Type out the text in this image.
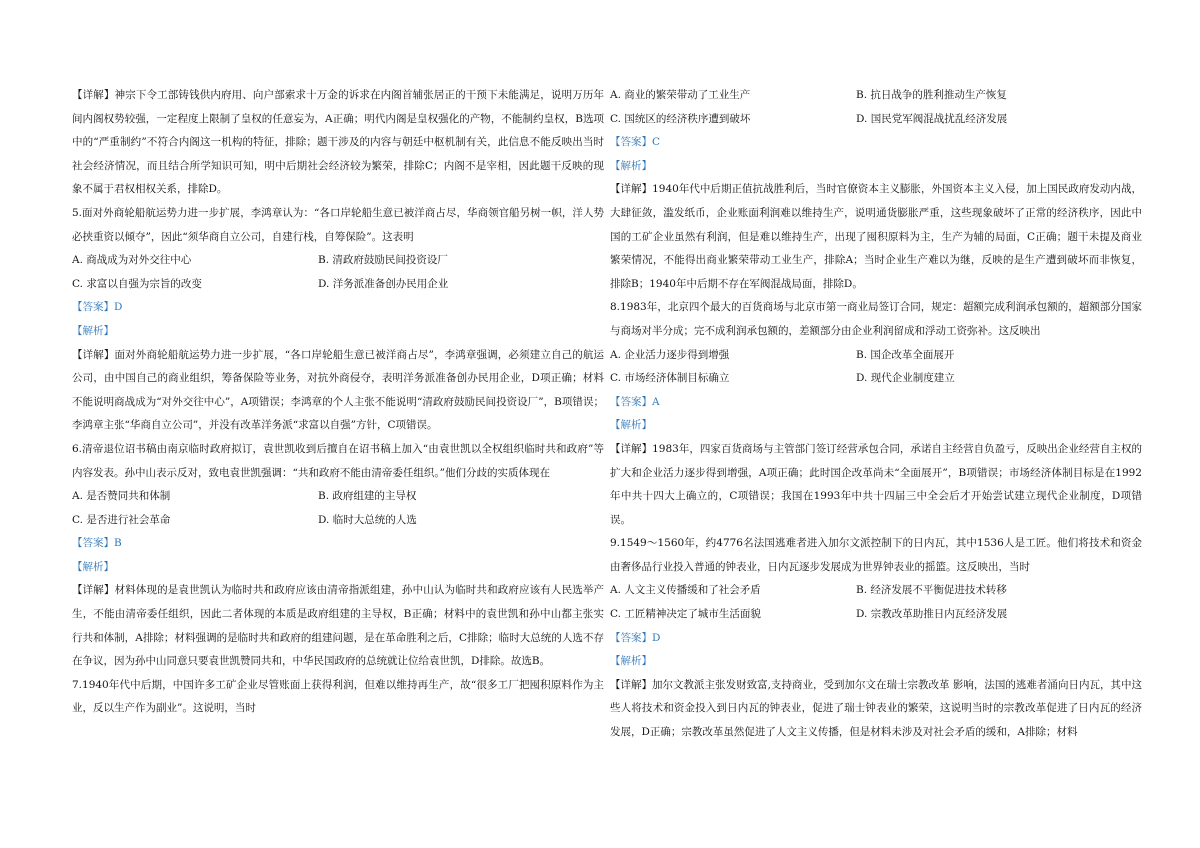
【详解】神宗下令工部铸钱供内府用、向户部索求十万金的诉求在内阁首辅张居正的干预下未能满足，说明万历年间内阁权势较强，一定程度上限制了皇权的任意妄为，A正确；明代内阁是皇权强化的产物，不能制约皇权，B选项中的“严重制约”不符合内阁这一机构的特征，排除；题干涉及的内容与朝廷中枢机制有关，此信息不能反映出当时社会经济情况，而且结合所学知识可知，明中后期社会经济较为繁荣，排除C；内阁不是宰相，因此题干反映的现象不属于君权相权关系，排除D。

5.面对外商轮船航运势力进一步扩展，李鸿章认为：“各口岸轮船生意已被洋商占尽，华商领官船另树一帜，洋人势必挟重资以倾夺”，因此“须华商自立公司，自建行栈，自筹保险”。这表明

A. 商战成为对外交往中心	B. 清政府鼓励民间投资设厂
C. 求富以自强为宗旨的改变	D. 洋务派准备创办民用企业

【答案】D

【解析】

【详解】面对外商轮船航运势力进一步扩展，“各口岸轮船生意已被洋商占尽”，李鸿章强调，必须建立自己的航运公司，由中国自己的商业组织，筹备保险等业务，对抗外商侵夺，表明洋务派准备创办民用企业，D项正确；材料不能说明商战成为“对外交往中心”，A项错误；李鸿章的个人主张不能说明“清政府鼓励民间投资设厂”，B项错误；李鸿章主张“华商自立公司”，并没有改革洋务派“求富以自强”方针，C项错误。

6.清帝退位诏书稿由南京临时政府拟订，袁世凯收到后擅自在诏书稿上加入“由袁世凯以全权组织临时共和政府”等内容发表。孙中山表示反对，致电袁世凯强调：“共和政府不能由清帝委任组织。”他们分歧的实质体现在

A. 是否赞同共和体制	B. 政府组建的主导权
C. 是否进行社会革命	D. 临时大总统的人选

【答案】B

【解析】

【详解】材料体现的是袁世凯认为临时共和政府应该由清帝指派组建，孙中山认为临时共和政府应该有人民选举产生，不能由清帝委任组织，因此二者体现的本质是政府组建的主导权，B正确；材料中的袁世凯和孙中山都主张实行共和体制，A排除；材料强调的是临时共和政府的组建问题，是在革命胜利之后，C排除；临时大总统的人选不存在争议，因为孙中山同意只要袁世凯赞同共和，中华民国政府的总统就让位给袁世凯，D排除。故选B。

7.1940年代中后期，中国许多工矿企业尽管账面上获得利润，但难以维持再生产，故“很多工厂把囤积原料作为主业，反以生产作为副业”。这说明，当时

A. 商业的繁荣带动了工业生产	B. 抗日战争的胜利推动生产恢复
C. 国统区的经济秩序遭到破坏	D. 国民党军阀混战扰乱经济发展

【答案】C

【解析】

【详解】1940年代中后期正值抗战胜利后，当时官僚资本主义膨胀，外国资本主义入侵，加上国民政府发动内战，大肆征敛，滥发纸币，企业账面利润难以维持生产，说明通货膨胀严重，这些现象破坏了正常的经济秩序，因此中国的工矿企业虽然有利润，但是难以维持生产，出现了囤积原料为主，生产为辅的局面，C正确；题干未提及商业繁荣情况，不能得出商业繁荣带动工业生产，排除A；当时企业生产难以为继，反映的是生产遭到破坏而非恢复，排除B；1940年中后期不存在军阀混战局面，排除D。

8.1983年，北京四个最大的百货商场与北京市第一商业局签订合同，规定：超额完成利润承包额的，超额部分国家与商场对半分成；完不成利润承包额的，差额部分由企业利润留成和浮动工资弥补。这反映出

A. 企业活力逐步得到增强	B. 国企改革全面展开
C. 市场经济体制目标确立	D. 现代企业制度建立

【答案】A

【解析】

【详解】1983年，四家百货商场与主管部门签订经营承包合同，承诺自主经营自负盈亏，反映出企业经营自主权的扩大和企业活力逐步得到增强，A项正确；此时国企改革尚未“全面展开”，B项错误；市场经济体制目标是在1992年中共十四大上确立的，C项错误；我国在1993年中共十四届三中全会后才开始尝试建立现代企业制度，D项错误。

9.1549～1560年，约4776名法国逃难者进入加尔文派控制下的日内瓦，其中1536人是工匠。他们将技术和资金由奢侈品行业投入普通的钟表业，日内瓦逐步发展成为世界钟表业的摇篮。这反映出，当时

A. 人文主义传播缓和了社会矛盾	B. 经济发展不平衡促进技术转移
C. 工匠精神决定了城市生活面貌	D. 宗教改革助推日内瓦经济发展

【答案】D

【解析】

【详解】加尔文教派主张发财致富,支持商业，受到加尔文在瑞士宗教改革 影响，法国的逃难者涌向日内瓦，其中这些人将技术和资金投入到日内瓦的钟表业，促进了瑞士钟表业的繁荣，这说明当时的宗教改革促进了日内瓦的经济发展，D正确；宗教改革虽然促进了人文主义传播，但是材料未涉及对社会矛盾的缓和，A排除；材料
